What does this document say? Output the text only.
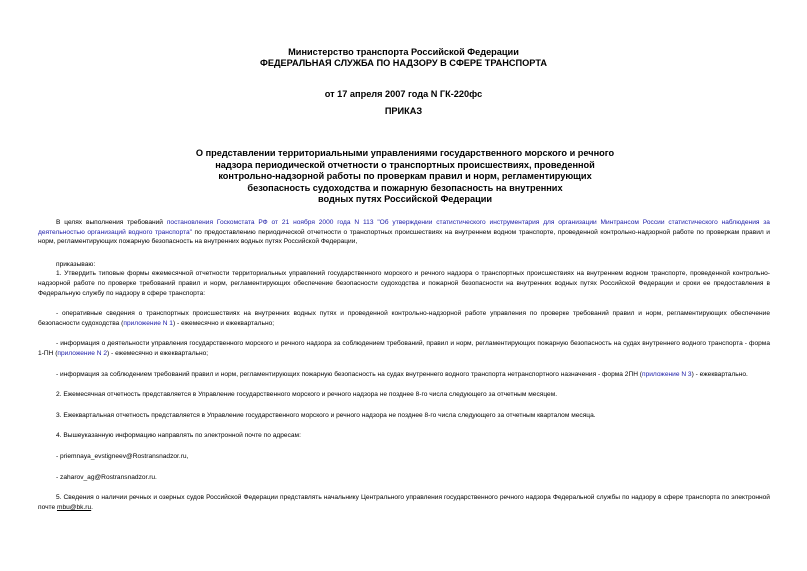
Министерство транспорта Российской Федерации
ФЕДЕРАЛЬНАЯ СЛУЖБА ПО НАДЗОРУ В СФЕРЕ ТРАНСПОРТА
от 17 апреля 2007 года N ГК-220фс
ПРИКАЗ
О представлении территориальными управлениями государственного морского и речного
надзора периодической отчетности о транспортных происшествиях, проведенной
контрольно-надзорной работы по проверкам правил и норм, регламентирующих
безопасность судоходства и пожарную безопасность на внутренних
водных путях Российской Федерации

В целях выполнения требований постановления Госкомстата РФ от 21 ноября 2000 года N 113 "Об утверждении статистического инструментария для организации Минтрансом России статистического наблюдения за деятельностью организаций водного транспорта" по предоставлению периодической отчетности о транспортных происшествиях на внутреннем водном транспорте, проведенной контрольно-надзорной работе по проверкам правил и норм, регламентирующих пожарную безопасность на внутренних водных путях Российской Федерации,

приказываю:

1. Утвердить типовые формы ежемесячной отчетности территориальных управлений государственного морского и речного надзора о транспортных происшествиях на внутреннем водном транспорте, проведенной контрольно-надзорной работе по проверке требований правил и норм, регламентирующих обеспечение безопасности судоходства и пожарной безопасности на внутренних водных путях Российской Федерации и сроки ее предоставления в Федеральную службу по надзору в сфере транспорта:

- оперативные сведения о транспортных происшествиях на внутренних водных путях и проведенной контрольно-надзорной работе управления по проверке требований правил и норм, регламентирующих обеспечение безопасности судоходства (приложение N 1) - ежемесячно и ежеквартально;

- информация о деятельности управления государственного морского и речного надзора за соблюдением требований, правил и норм, регламентирующих пожарную безопасность на судах внутреннего водного транспорта - форма 1-ПН (приложение N 2) - ежемесячно и ежеквартально;

- информация за соблюдением требований правил и норм, регламентирующих пожарную безопасность на судах внутреннего водного транспорта нетранспортного назначения - форма 2ПН (приложение N 3) - ежеквартально.

2. Ежемесячная отчетность представляется в Управление государственного морского и речного надзора не позднее 8-го числа следующего за отчетным месяцем.

3. Ежеквартальная отчетность представляется в Управление государственного морского и речного надзора не позднее 8-го числа следующего за отчетным кварталом месяца.

4. Вышеуказанную информацию направлять по электронной почте по адресам:

- priemnaya_evstigneev@Rostransnadzor.ru,

- zaharov_ag@Rostransnadzor.ru.

5. Сведения о наличии речных и озерных судов Российской Федерации представлять начальнику Центрального управления государственного речного надзора Федеральной службы по надзору в сфере транспорта по электронной почте mbu@bk.ru.
